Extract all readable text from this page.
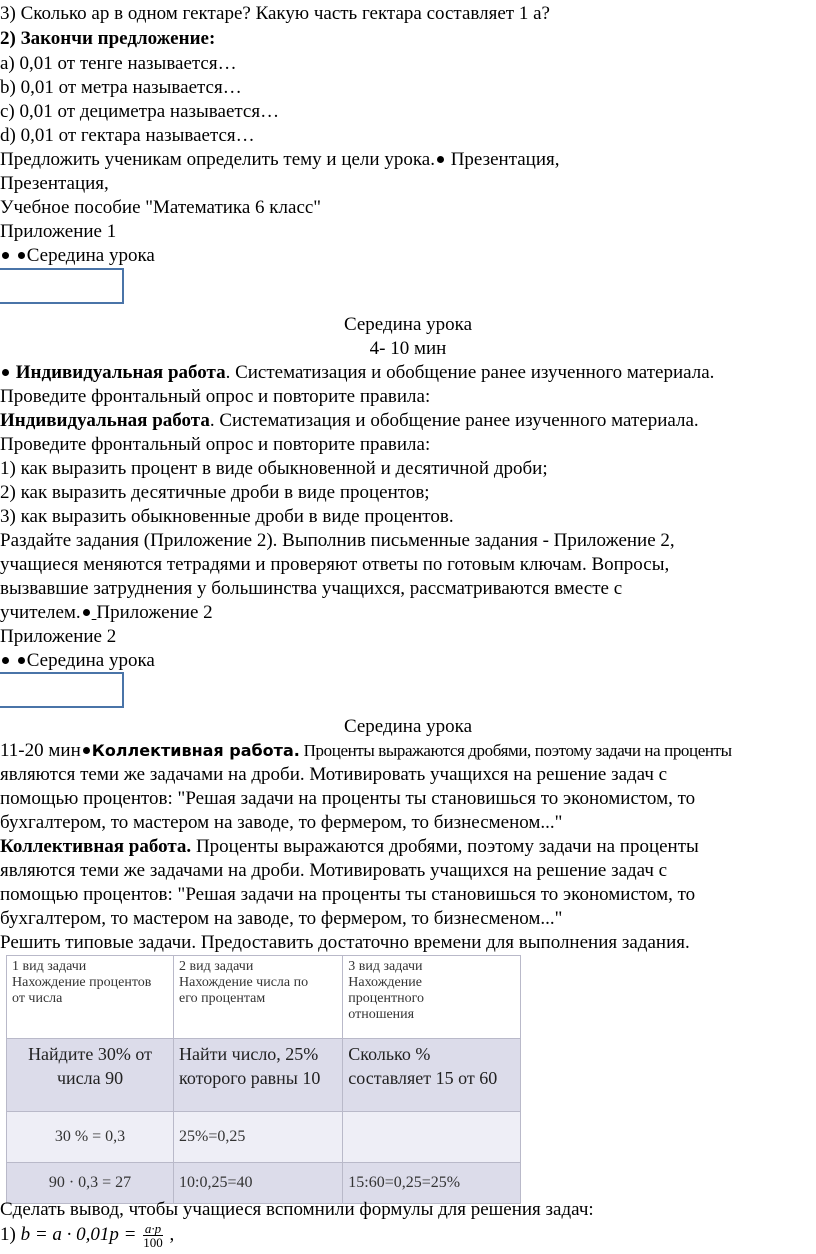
3) Сколько ар в одном гектаре? Какую часть гектара составляет 1 а?
2) Закончи предложение:
a) 0,01 от тенге называется…
b) 0,01 от метра называется…
c) 0,01 от дециметра называется…
d) 0,01 от гектара называется…
Предложить ученикам определить тему и цели урока. Презентация,
Презентация,
Учебное пособие "Математика 6 класс"
Приложение 1
Середина урока
Середина урока
4- 10 мин
Индивидуальная работа. Систематизация и обобщение ранее изученного материала.
Проведите фронтальный опрос и повторите правила:
Индивидуальная работа. Систематизация и обобщение ранее изученного материала.
Проведите фронтальный опрос и повторите правила:
1) как выразить процент в виде обыкновенной и десятичной дроби;
2) как выразить десятичные дроби в виде процентов;
3) как выразить обыкновенные дроби в виде процентов.
Раздайте задания (Приложение 2). Выполнив письменные задания - Приложение 2,
учащиеся меняются тетрадями и проверяют ответы по готовым ключам. Вопросы,
вызвавшие затруднения у большинства учащихся, рассматриваются вместе с
учителем. Приложение 2
Приложение 2
Середина урока
Середина урока
11-20 мин Коллективная работа. Проценты выражаются дробями, поэтому задачи на проценты
являются теми же задачами на дроби. Мотивировать учащихся на решение задач с
помощью процентов: "Решая задачи на проценты ты становишься то экономистом, то
бухгалтером, то мастером на заводе, то фермером, то бизнесменом..."
Коллективная работа. Проценты выражаются дробями, поэтому задачи на проценты
являются теми же задачами на дроби. Мотивировать учащихся на решение задач с
помощью процентов: "Решая задачи на проценты ты становишься то экономистом, то
бухгалтером, то мастером на заводе, то фермером, то бизнесменом..."
Решить типовые задачи. Предоставить достаточно времени для выполнения задания.
1 вид задачи
Нахождение процентов
от числа	2 вид задачи
Нахождение числа по
его процентам	3 вид задачи
Нахождение
процентного
отношения
Найдите 30% от
числа 90	Найти число, 25%
которого равны 10	Сколько %
составляет 15 от 60
30 % = 0,3	25%=0,25	
90 · 0,3 = 27	10:0,25=40	15:60=0,25=25%
Сделать вывод, чтобы учащиеся вспомнили формулы для решения задач:
1) $b = a \cdot 0,01p = \frac{a\cdot p}{100}$ ,
